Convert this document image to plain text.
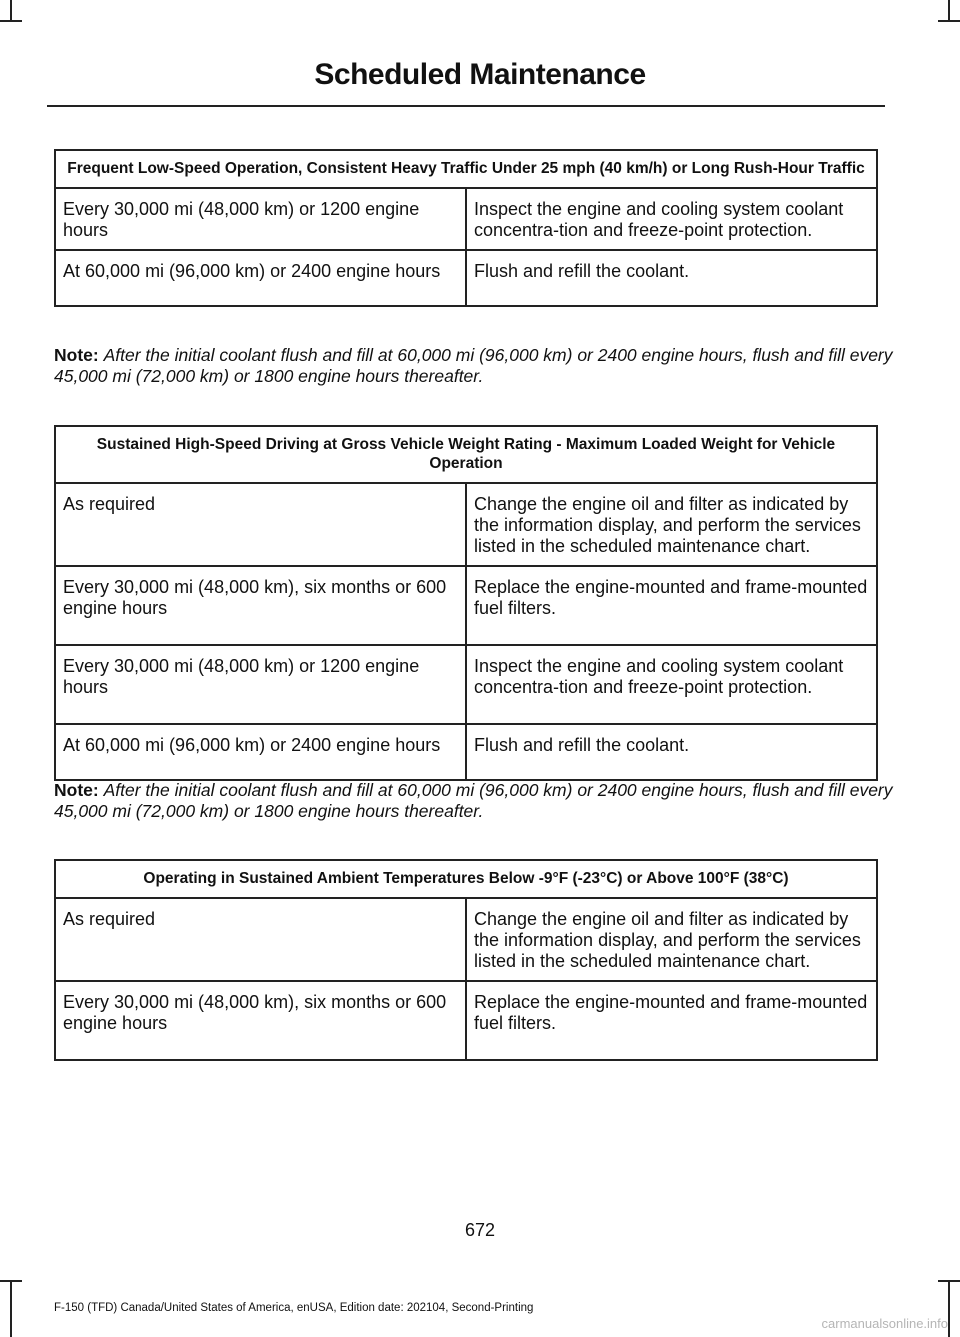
Scheduled Maintenance
Frequent Low-Speed Operation, Consistent Heavy Traffic Under 25 mph (40 km/h) or Long Rush-Hour Traffic	
Every 30,000 mi (48,000 km) or 1200 engine hours	Inspect the engine and cooling system coolant concentra-tion and freeze-point protection.
At 60,000 mi (96,000 km) or 2400 engine hours	Flush and refill the coolant.
Note: After the initial coolant flush and fill at 60,000 mi (96,000 km) or 2400 engine hours, flush and fill every 45,000 mi (72,000 km) or 1800 engine hours thereafter.
Sustained High-Speed Driving at Gross Vehicle Weight Rating - Maximum Loaded Weight for Vehicle Operation	
As required	Change the engine oil and filter as indicated by the information display, and perform the services listed in the scheduled maintenance chart.
Every 30,000 mi (48,000 km), six months or 600 engine hours	Replace the engine-mounted and frame-mounted fuel filters.
Every 30,000 mi (48,000 km) or 1200 engine hours	Inspect the engine and cooling system coolant concentra-tion and freeze-point protection.
At 60,000 mi (96,000 km) or 2400 engine hours	Flush and refill the coolant.
Note: After the initial coolant flush and fill at 60,000 mi (96,000 km) or 2400 engine hours, flush and fill every 45,000 mi (72,000 km) or 1800 engine hours thereafter.
Operating in Sustained Ambient Temperatures Below -9°F (-23°C) or Above 100°F (38°C)	
As required	Change the engine oil and filter as indicated by the information display, and perform the services listed in the scheduled maintenance chart.
Every 30,000 mi (48,000 km), six months or 600 engine hours	Replace the engine-mounted and frame-mounted fuel filters.
672
F-150 (TFD) Canada/United States of America, enUSA, Edition date: 202104, Second-Printing
carmanualsonline.info
